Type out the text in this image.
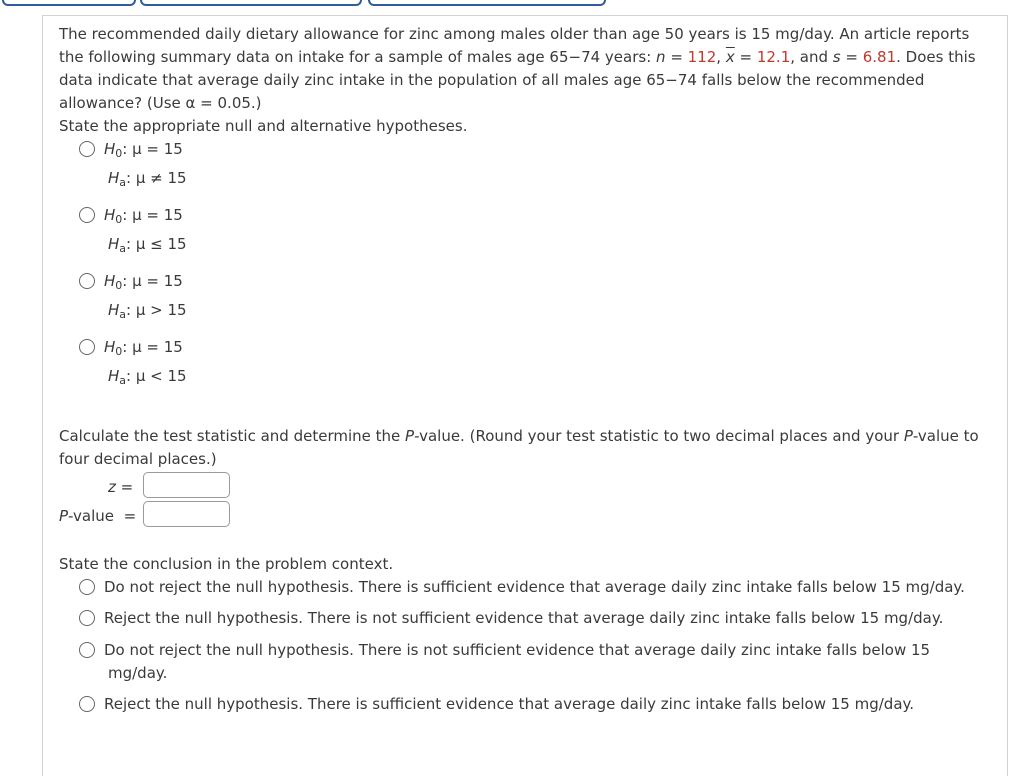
The recommended daily dietary allowance for zinc among males older than age 50 years is 15 mg/day. An article reports
the following summary data on intake for a sample of males age 65−74 years: n = 112, $\overline{x} = 12.1$, and s = 6.81. Does this
data indicate that average daily zinc intake in the population of all males age 65−74 falls below the recommended
allowance? (Use α = 0.05.)
State the appropriate null and alternative hypotheses.
$H_0$: μ = 15
$H_a$: μ ≠ 15
$H_0$: μ = 15
$H_a$: μ ≤ 15
$H_0$: μ = 15
$H_a$: μ > 15
$H_0$: μ = 15
$H_a$: μ < 15
Calculate the test statistic and determine the P-value. (Round your test statistic to two decimal places and your P-value to
four decimal places.)
z =
P-value  =
State the conclusion in the problem context.
Do not reject the null hypothesis. There is sufficient evidence that average daily zinc intake falls below 15 mg/day.
Reject the null hypothesis. There is not sufficient evidence that average daily zinc intake falls below 15 mg/day.
Do not reject the null hypothesis. There is not sufficient evidence that average daily zinc intake falls below 15
mg/day.
Reject the null hypothesis. There is sufficient evidence that average daily zinc intake falls below 15 mg/day.
